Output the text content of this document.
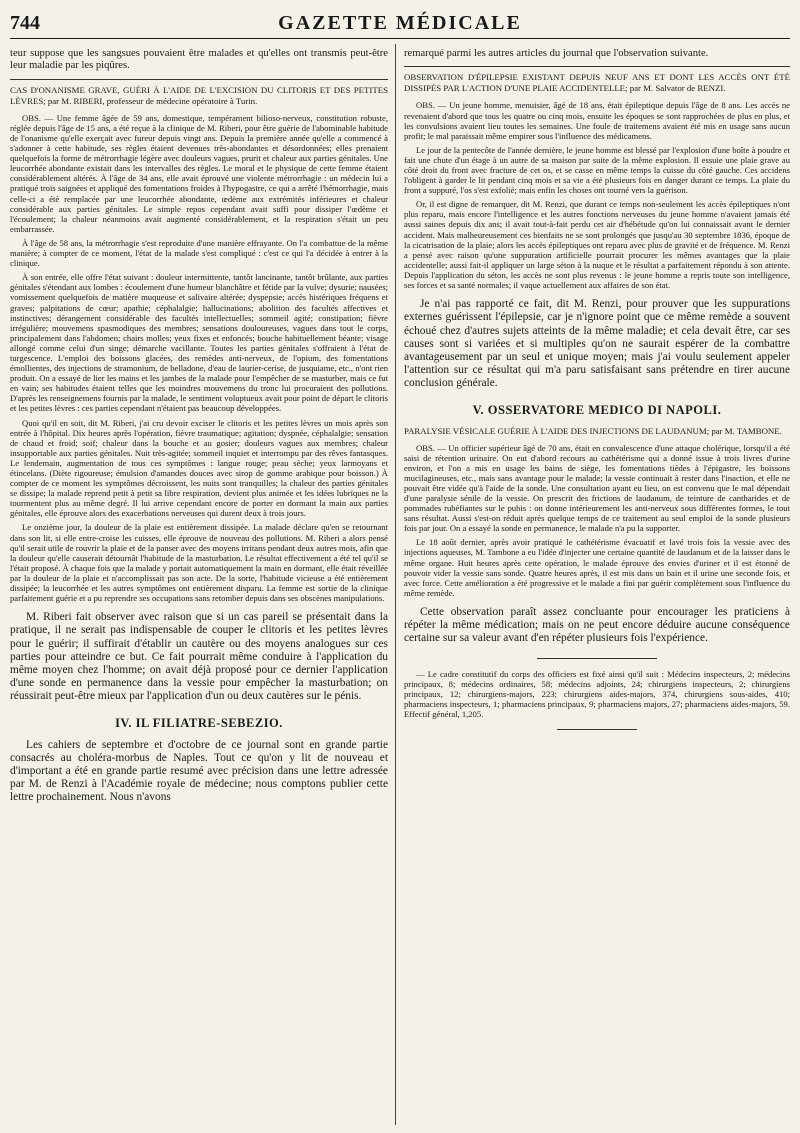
744	GAZETTE MÉDICALE

teur suppose que les sangsues pouvaient être malades et qu'elles ont transmis peut-être leur maladie par les piqûres.

CAS D'ONANISME GRAVE, GUÉRI À L'AIDE DE L'EXCISION DU CLITORIS ET DES PETITES LÈVRES; par M. RIBERI, professeur de médecine opératoire à Turin.

OBS. — Une femme âgée de 59 ans, domestique, tempérament bilioso-nerveux, constitution robuste, réglée depuis l'âge de 15 ans, a été reçue à la clinique de M. Riberi, pour être guérie de l'abominable habitude de l'onanisme qu'elle exerçait avec fureur depuis vingt ans. Depuis la première année qu'elle a commencé à s'adonner à cette habitude, ses règles étaient devenues très-abondantes et désordonnées; elles prenaient quelquefois la forme de métrorrhagie légère avec douleurs vagues, prurit et chaleur aux parties génitales. Une leucorrhée abondante existait dans les intervalles des règles. Le moral et le physique de cette femme étaient considérablement altérés. À l'âge de 34 ans, elle avait éprouvé une violente métrorrhagie : un médecin lui a pratiqué trois saignées et appliqué des fomentations froides à l'hypogastre, ce qui a arrêté l'hémorrhagie, mais celle-ci a été remplacée par une leucorrhée abondante, œdème aux extrémités inférieures et chaleur considérable aux parties génitales. Le simple repos cependant avait suffi pour dissiper l'œdème et l'écoulement; la chaleur néanmoins avait augmenté considérablement, et la respiration s'était un peu embarrassée.

À l'âge de 58 ans, la métrorrhagie s'est reproduite d'une manière effrayante. On l'a combattue de la même manière; à compter de ce moment, l'état de la malade s'est compliqué : c'est ce qui l'a décidée à entrer à la clinique.

À son entrée, elle offre l'état suivant : douleur intermittente, tantôt lancinante, tantôt brûlante, aux parties génitales s'étendant aux lombes : écoulement d'une humeur blanchâtre et fétide par la vulve; dysurie; nausées; vomissement quelquefois de matière muqueuse et salivaire altérée; dyspepsie; accès histériques fréquens et graves; palpitations de cœur; apathie; céphalalgie; hallucinations; abolition des facultés affectives et instinctives; dérangement considérable des facultés intellectuelles; sommeil agité; constipation; fièvre irrégulière; mouvemens spasmodiques des membres; sensations douloureuses, vagues dans tout le corps, principalement dans l'abdomen; chairs molles; yeux fixes et enfoncés; bouche habituellement béante; visage allongé comme celui d'un singe; démarche vacillante. Toutes les parties génitales s'offraient à l'état de turgescence. L'emploi des boissons glacées, des remèdes anti-nerveux, de l'opium, des fomentations émollientes, des injections de stramonium, de belladone, d'eau de laurier-cerise, de jusquiame, etc., n'ont rien produit. On a essayé de lier les mains et les jambes de la malade pour l'empêcher de se masturber, mais ce fut en vain; ses habitudes étaient telles que les moindres mouvemens du tronc lui procuraient des pollutions. D'après les renseignemens fournis par la malade, le sentiment voluptueux avait pour point de départ le clitoris et les petites lèvres : ces parties cependant n'étaient pas beaucoup développées.

Quoi qu'il en soit, dit M. Riberi, j'ai cru devoir exciser le clitoris et les petites lèvres un mois après son entrée à l'hôpital. Dix heures après l'opération, fièvre traumatique; agitation; dyspnée, céphalalgie; sensation de chaud et froid; soif; chaleur dans la bouche et au gosier; douleurs vagues aux membres; chaleur insupportable aux parties génitales. Nuit très-agitée; sommeil inquiet et interrompu par des rêves fantasques. Le lendemain, augmentation de tous ces symptômes : langue rouge; peau sèche; yeux larmoyans et étincelans. (Diète rigoureuse; émulsion d'amandes douces avec sirop de gomme arabique pour boisson.) À compter de ce moment les symptômes décroissent, les nuits sont tranquilles; la chaleur des parties génitales se dissipe; la malade reprend petit à petit sa libre respiration, devient plus animée et les idées lubriques ne la tourmentent plus au même degré. Il lui arrive cependant encore de porter en dormant la main aux parties génitales, elle éprouve alors des exacerbations nerveuses qui durent deux à trois jours.

Le onzième jour, la douleur de la plaie est entièrement dissipée. La malade déclare qu'en se retournant dans son lit, si elle entre-croise les cuisses, elle éprouve de nouveau des pollutions. M. Riberi a alors pensé qu'il serait utile de rouvrir la plaie et de la panser avec des moyens irritans pendant deux autres mois, afin que la douleur qu'elle causerait détournât l'habitude de la masturbation. Le résultat effectivement a été tel qu'il se l'était proposé. À chaque fois que la malade y portait automatiquement la main en dormant, elle était réveillée par la douleur de la plaie et n'accomplissait pas son acte. De la sorte, l'habitude vicieuse a été entièrement dissipée; la leucorrhée et les autres symptômes ont entièrement disparu. La femme est sortie de la clinique parfaitement guérie et a pu reprendre ses occupations sans retomber depuis dans ses obscènes manipulations.

M. Riberi fait observer avec raison que si un cas pareil se présentait dans la pratique, il ne serait pas indispensable de couper le clitoris et les petites lèvres pour le guérir; il suffirait d'établir un cautère ou des moyens analogues sur ces parties pour atteindre ce but. Ce fait pourrait même conduire à l'application du même moyen chez l'homme; on avait déjà proposé pour ce dernier l'application d'une sonde en permanence dans la vessie pour empêcher la masturbation; on réussirait peut-être mieux par l'application d'un ou deux cautères sur le pénis.

IV. IL FILIATRE-SEBEZIO.

Les cahiers de septembre et d'octobre de ce journal sont en grande partie consacrés au choléra-morbus de Naples. Tout ce qu'on y lit de nouveau et d'important a été en grande partie resumé avec précision dans une lettre adressée par M. de Renzi à l'Académie royale de médecine; nous comptons publier cette lettre prochainement. Nous n'avons

remarqué parmi les autres articles du journal que l'observation suivante.

OBSERVATION D'ÉPILEPSIE EXISTANT DEPUIS NEUF ANS ET DONT LES ACCÈS ONT ÉTÉ DISSIPÉS PAR L'ACTION D'UNE PLAIE ACCIDENTELLE; par M. Salvator de RENZI.

OBS. — Un jeune homme, menuisier, âgé de 18 ans, était épileptique depuis l'âge de 8 ans. Les accès ne revenaient d'abord que tous les quatre ou cinq mois, ensuite les époques se sont rapprochées de plus en plus, et les convulsions avaient lieu toutes les semaines. Une foule de traitemens avaient été mis en usage sans aucun profit; le mal paraissait même empirer sous l'influence des médicamens.

Le jour de la pentecôte de l'année dernière, le jeune homme est blessé par l'explosion d'une boîte à poudre et fait une chute d'un étage à un autre de sa maison par suite de la même explosion. Il essuie une plaie grave au côté droit du front avec fracture de cet os, et se casse en même temps la cuisse du côté gauche. Ces accidens l'obligent à garder le lit pendant cinq mois et sa vie a été plusieurs fois en danger durant ce temps. La plaie du front a suppuré, l'os s'est exfolié; mais enfin les choses ont tourné vers la guérison.

Or, il est digne de remarquer, dit M. Renzi, que durant ce temps non-seulement les accès épileptiques n'ont plus reparu, mais encore l'intelligence et les autres fonctions nerveuses du jeune homme n'avaient jamais été aussi saines depuis dix ans; il avait tout-à-fait perdu cet air d'hébétude qu'on lui connaissait avant le dernier accident. Mais malheureusement ces bienfaits ne se sont prolongés que jusqu'au 30 septembre 1836, époque de la cicatrisation de la plaie; alors les accès épileptiques ont reparu avec plus de gravité et de fréquence. M. Renzi a pensé avec raison qu'une suppuration artificielle pourrait procurer les mêmes avantages que la plaie accidentelle; aussi fait-il appliquer un large séton à la nuque et le résultat a parfaitement répondu à son attente. Depuis l'application du séton, les accès ne sont plus revenus : le jeune homme a repris toute son intelligence, ses forces et sa santé normales; il vaque actuellement aux affaires de son état.

Je n'ai pas rapporté ce fait, dit M. Renzi, pour prouver que les suppurations externes guérissent l'épilepsie, car je n'ignore point que ce même remède a souvent échoué chez d'autres sujets atteints de la même maladie; et cela devait être, car ses causes sont si variées et si multiples qu'on ne saurait espérer de la combattre avantageusement par un seul et unique moyen; mais j'ai voulu seulement appeler l'attention sur ce résultat qui m'a paru satisfaisant sans prétendre en tirer aucune conclusion générale.

V. OSSERVATORE MEDICO DI NAPOLI.

PARALYSIE VÉSICALE GUÉRIE À L'AIDE DES INJECTIONS DE LAUDANUM; par M. TAMBONE.

OBS. — Un officier supérieur âgé de 70 ans, était en convalescence d'une attaque cholérique, lorsqu'il a été saisi de rétention urinaire. On eut d'abord recours au cathétérisme qui a donné issue à trois livres d'urine environ, et l'on a mis en usage les bains de siège, les fomentations tièdes à l'épigastre, les boissons mucilagineuses, etc., mais sans avantage pour le malade; la vessie continuait à rester dans l'inaction, et elle ne pouvait être vidée qu'à l'aide de la sonde. Une consultation ayant eu lieu, on est convenu que le mal dépendait d'une paralysie sénile de la vessie. On prescrit des frictions de laudanum, de teinture de cantharides et de pommades rubéfiantes sur le pubis : on donne intérieurement les anti-nerveux sous différentes formes, le tout sans résultat. Aussi s'est-on réduit après quelque temps de ce traitement au seul emploi de la sonde plusieurs fois par jour. On a essayé la sonde en permanence, le malade n'a pu la supporter.

Le 18 août dernier, après avoir pratiqué le cathétérisme évacuatif et lavé trois fois la vessie avec des injections aqueuses, M. Tambone a eu l'idée d'injecter une certaine quantité de laudanum et de la laisser dans le même organe. Huit heures après cette opération, le malade éprouve des envies d'uriner et il est étonné de pouvoir vider la vessie sans sonde. Quatre heures après, il est mis dans un bain et il urine une seconde fois, et avec force. Cette amélioration a été progressive et le malade a fini par guérir complètement sous l'influence du même remède.

Cette observation paraît assez concluante pour encourager les praticiens à répéter la même médication; mais on ne peut encore déduire aucune conséquence certaine sur sa valeur avant d'en répéter plusieurs fois l'expérience.

— Le cadre constitutif du corps des officiers est fixé ainsi qu'il suit : Médecins inspecteurs, 2; médecins principaux, 8; médecins ordinaires, 58; médecins adjoints, 24; chirurgiens inspecteurs, 2; chirurgiens principaux, 12; chirurgiens-majors, 223; chirurgiens aides-majors, 374, chirurgiens sous-aides, 410; pharmaciens inspecteurs, 1; pharmaciens principaux, 9; pharmaciens majors, 27; pharmaciens aides-majors, 59. Effectif général, 1,205.
